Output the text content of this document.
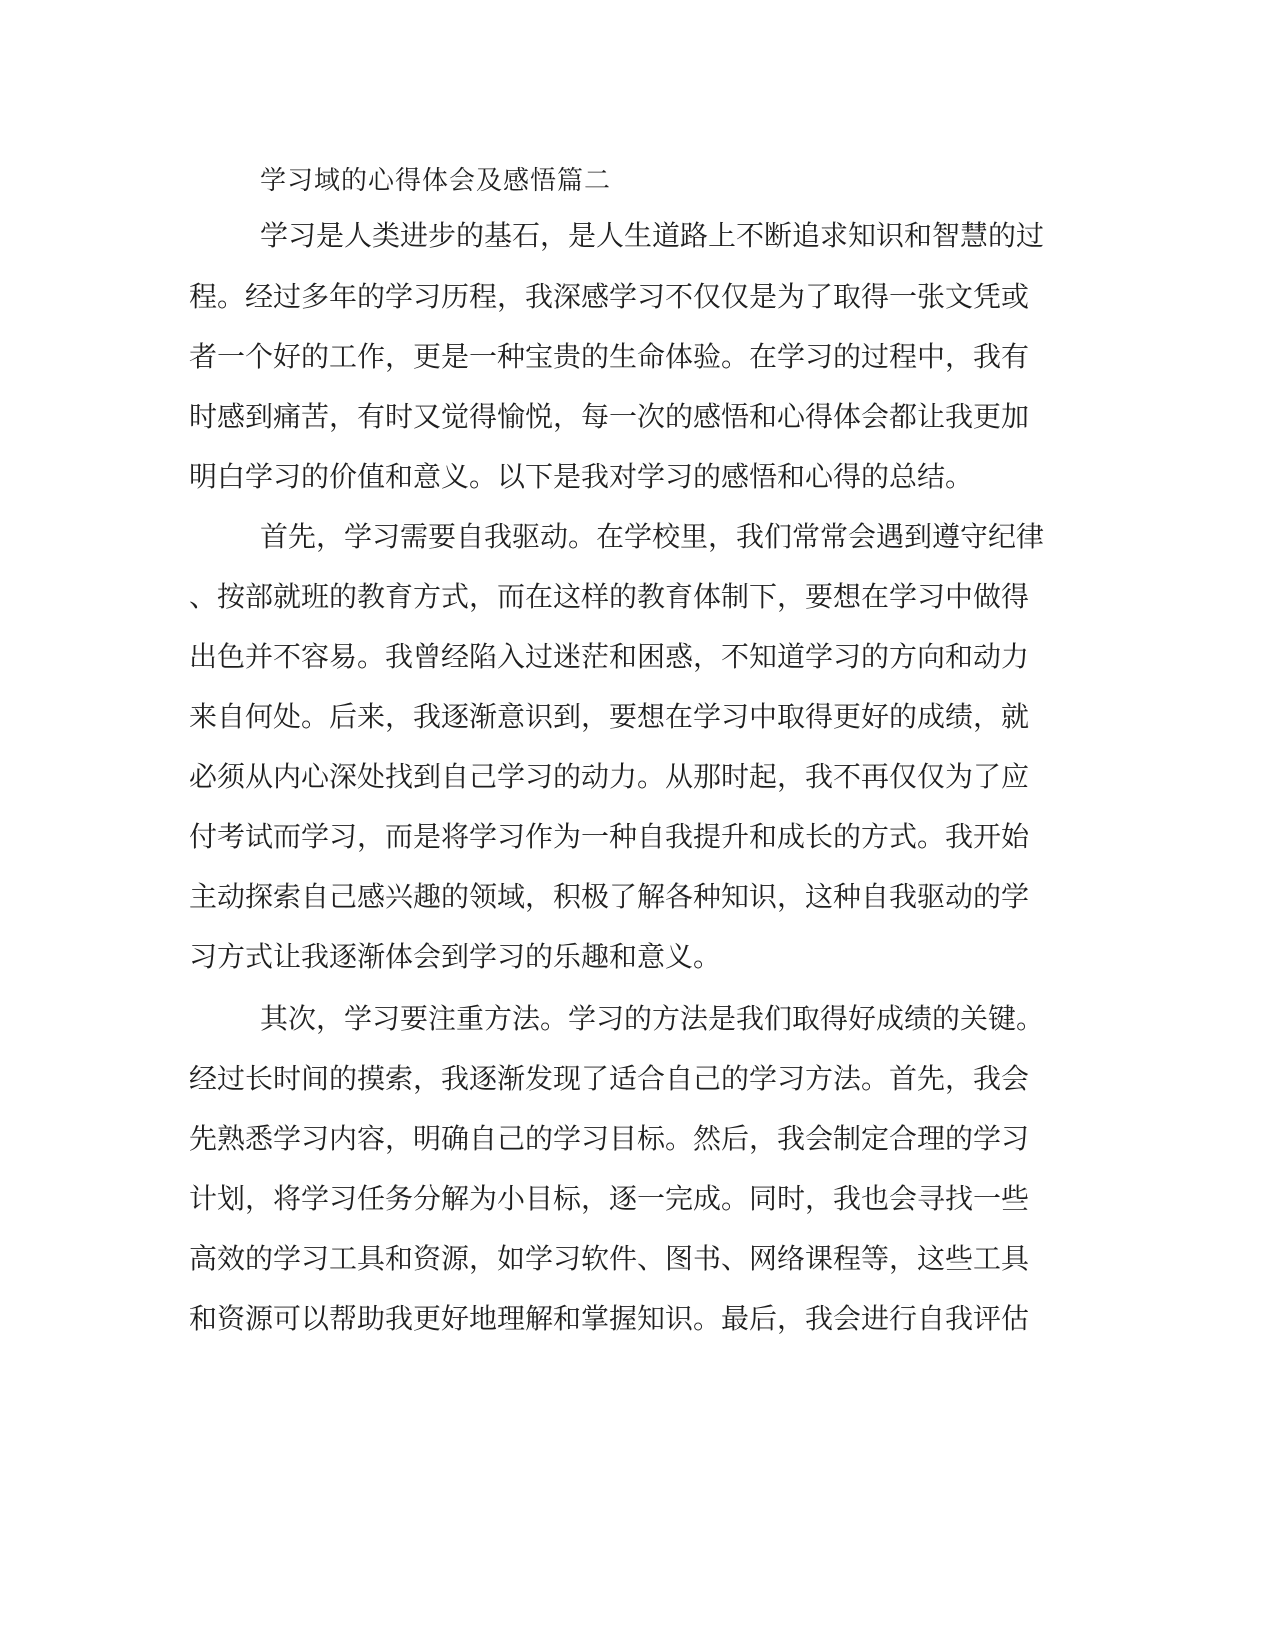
学习域的心得体会及感悟篇二

学习是人类进步的基石，是人生道路上不断追求知识和智慧的过

程。经过多年的学习历程，我深感学习不仅仅是为了取得一张文凭或

者一个好的工作，更是一种宝贵的生命体验。在学习的过程中，我有

时感到痛苦，有时又觉得愉悦，每一次的感悟和心得体会都让我更加

明白学习的价值和意义。以下是我对学习的感悟和心得的总结。

首先，学习需要自我驱动。在学校里，我们常常会遇到遵守纪律

、按部就班的教育方式，而在这样的教育体制下，要想在学习中做得

出色并不容易。我曾经陷入过迷茫和困惑，不知道学习的方向和动力

来自何处。后来，我逐渐意识到，要想在学习中取得更好的成绩，就

必须从内心深处找到自己学习的动力。从那时起，我不再仅仅为了应

付考试而学习，而是将学习作为一种自我提升和成长的方式。我开始

主动探索自己感兴趣的领域，积极了解各种知识，这种自我驱动的学

习方式让我逐渐体会到学习的乐趣和意义。

其次，学习要注重方法。学习的方法是我们取得好成绩的关键。

经过长时间的摸索，我逐渐发现了适合自己的学习方法。首先，我会

先熟悉学习内容，明确自己的学习目标。然后，我会制定合理的学习

计划，将学习任务分解为小目标，逐一完成。同时，我也会寻找一些

高效的学习工具和资源，如学习软件、图书、网络课程等，这些工具

和资源可以帮助我更好地理解和掌握知识。最后，我会进行自我评估
